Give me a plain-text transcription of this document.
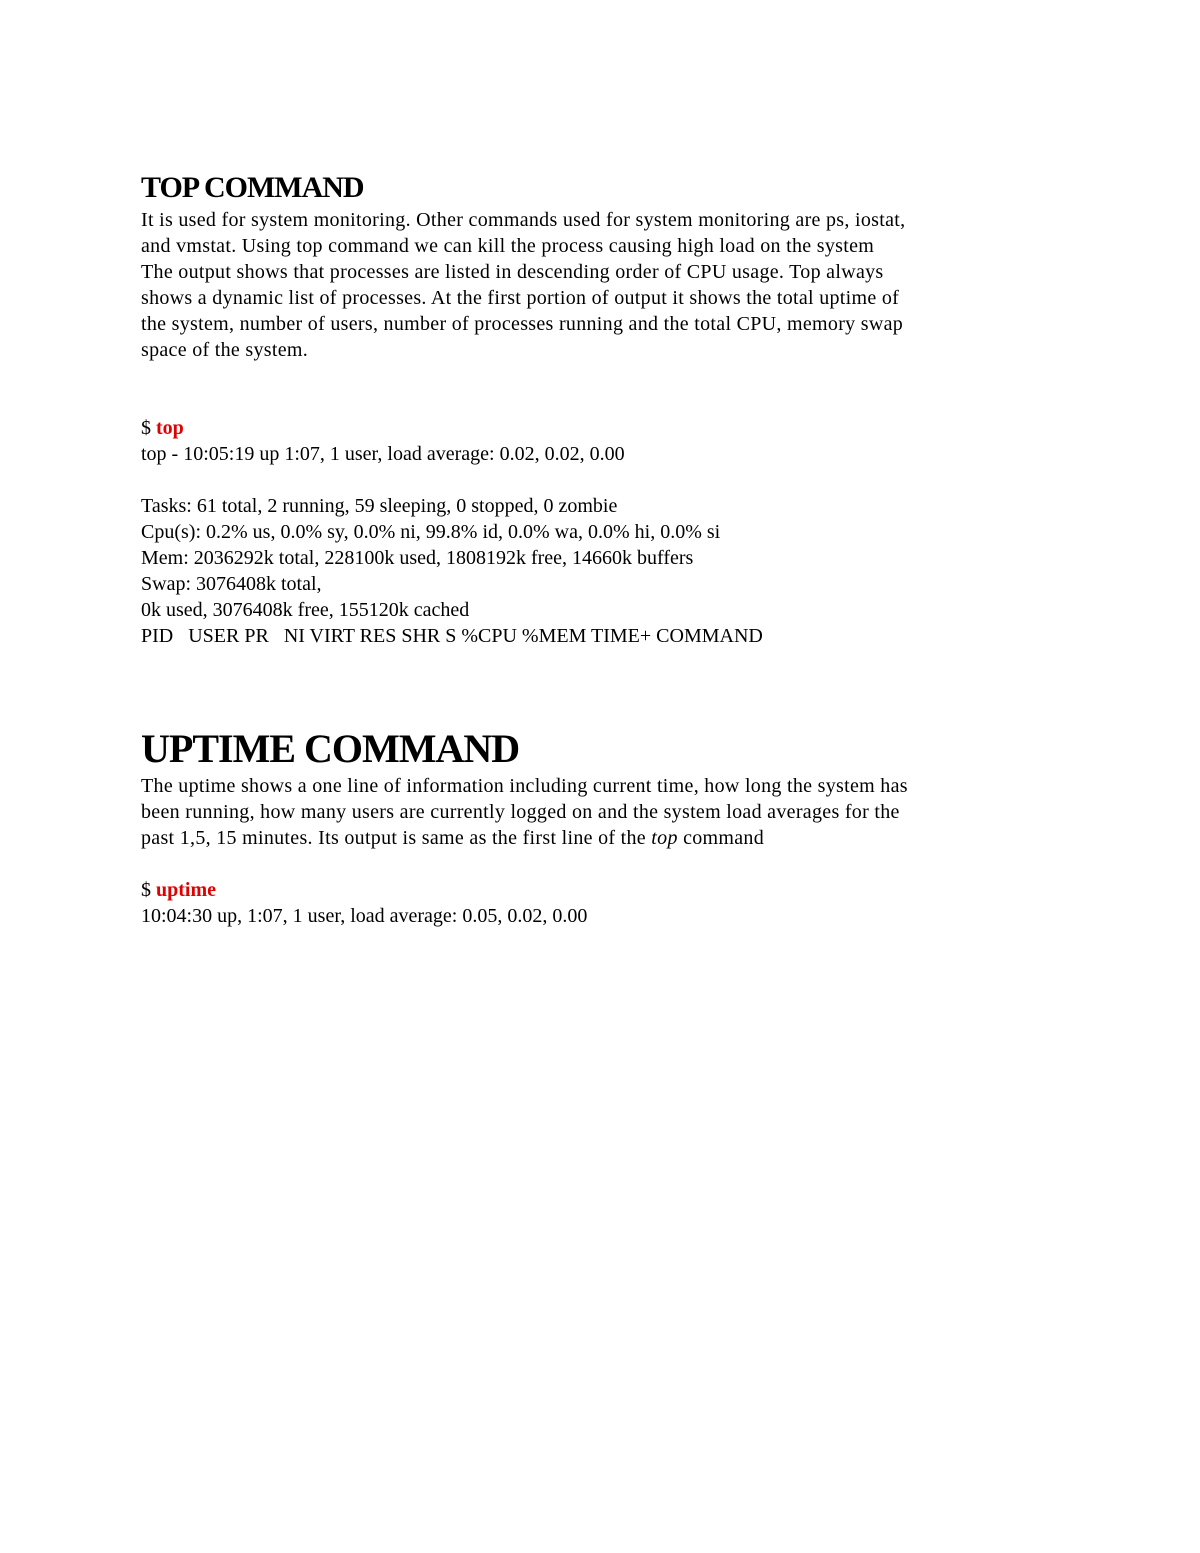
TOP COMMAND
It is used for system monitoring. Other commands used for system monitoring are ps, iostat,
and vmstat. Using top command we can kill the process causing high load on the system
The output shows that processes are listed in descending order of CPU usage. Top always
shows a dynamic list of processes. At the first portion of output it shows the total uptime of
the system, number of users, number of processes running and the total CPU, memory swap
space of the system.
$ top
top - 10:05:19 up 1:07, 1 user, load average: 0.02, 0.02, 0.00
Tasks: 61 total, 2 running, 59 sleeping, 0 stopped, 0 zombie
Cpu(s): 0.2% us, 0.0% sy, 0.0% ni, 99.8% id, 0.0% wa, 0.0% hi, 0.0% si
Mem: 2036292k total, 228100k used, 1808192k free, 14660k buffers
Swap: 3076408k total,
0k used, 3076408k free, 155120k cached
PID   USER PR   NI VIRT RES SHR S %CPU %MEM TIME+ COMMAND
UPTIME COMMAND
The uptime shows a one line of information including current time, how long the system has
been running, how many users are currently logged on and the system load averages for the
past 1,5, 15 minutes. Its output is same as the first line of the top command
$ uptime
10:04:30 up, 1:07, 1 user, load average: 0.05, 0.02, 0.00
